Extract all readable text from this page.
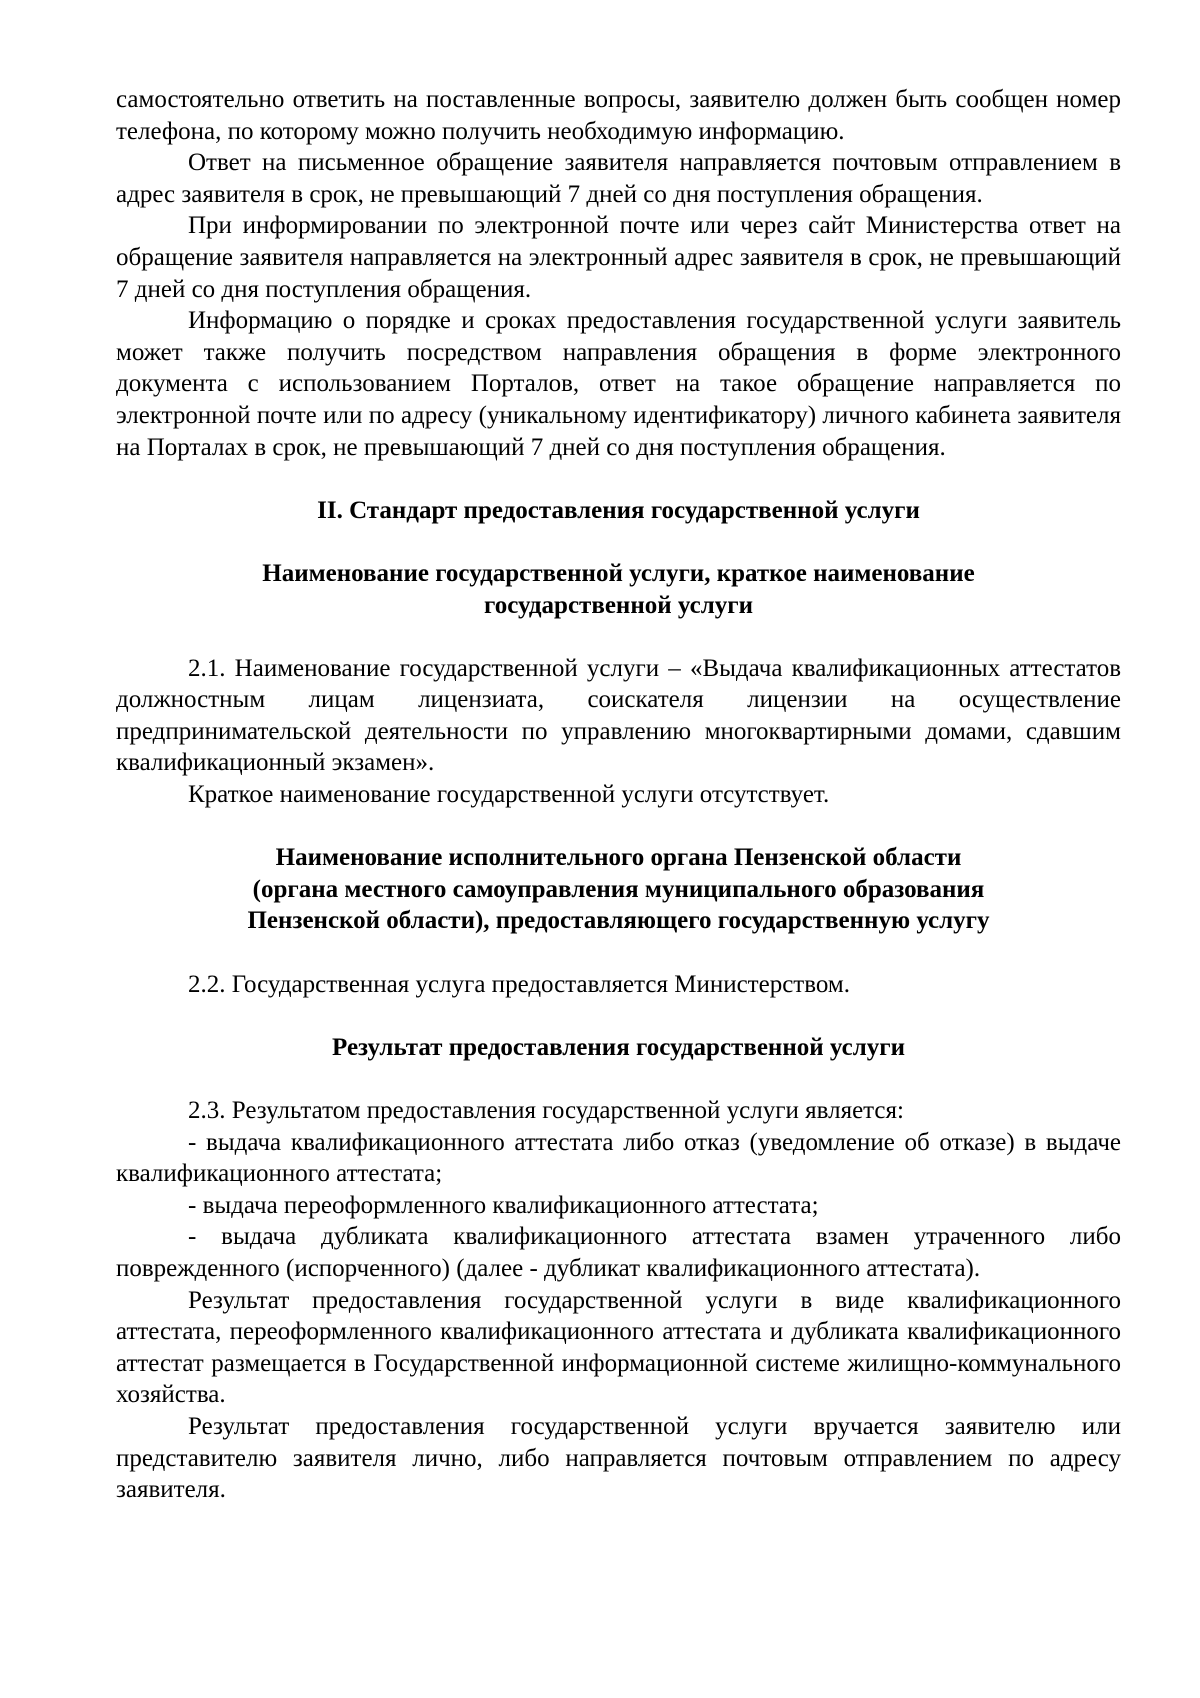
самостоятельно ответить на поставленные вопросы, заявителю должен быть сообщен номер телефона, по которому можно получить необходимую информацию.

Ответ на письменное обращение заявителя направляется почтовым отправлением в адрес заявителя в срок, не превышающий 7 дней со дня поступления обращения.

При информировании по электронной почте или через сайт Министерства ответ на обращение заявителя направляется на электронный адрес заявителя в срок, не превышающий 7 дней со дня поступления обращения.

Информацию о порядке и сроках предоставления государственной услуги заявитель может также получить посредством направления обращения в форме электронного документа с использованием Порталов, ответ на такое обращение направляется по электронной почте или по адресу (уникальному идентификатору) личного кабинета заявителя на Порталах в срок, не превышающий 7 дней со дня поступления обращения.

II. Стандарт предоставления государственной услуги

Наименование государственной услуги, краткое наименование
государственной услуги

2.1. Наименование государственной услуги – «Выдача квалификационных аттестатов должностным лицам лицензиата, соискателя лицензии на осуществление предпринимательской деятельности по управлению многоквартирными домами, сдавшим квалификационный экзамен».

Краткое наименование государственной услуги отсутствует.

Наименование исполнительного органа Пензенской области
(органа местного самоуправления муниципального образования
Пензенской области), предоставляющего государственную услугу

2.2. Государственная услуга предоставляется Министерством.

Результат предоставления государственной услуги

2.3. Результатом предоставления государственной услуги является:

- выдача квалификационного аттестата либо отказ (уведомление об отказе) в выдаче квалификационного аттестата;

- выдача переоформленного квалификационного аттестата;

- выдача дубликата квалификационного аттестата взамен утраченного либо поврежденного (испорченного) (далее - дубликат квалификационного аттестата).

Результат предоставления государственной услуги в виде квалификационного аттестата, переоформленного квалификационного аттестата и дубликата квалификационного аттестат размещается в Государственной информационной системе жилищно-коммунального хозяйства.

Результат предоставления государственной услуги вручается заявителю или представителю заявителя лично, либо направляется почтовым отправлением по адресу заявителя.
